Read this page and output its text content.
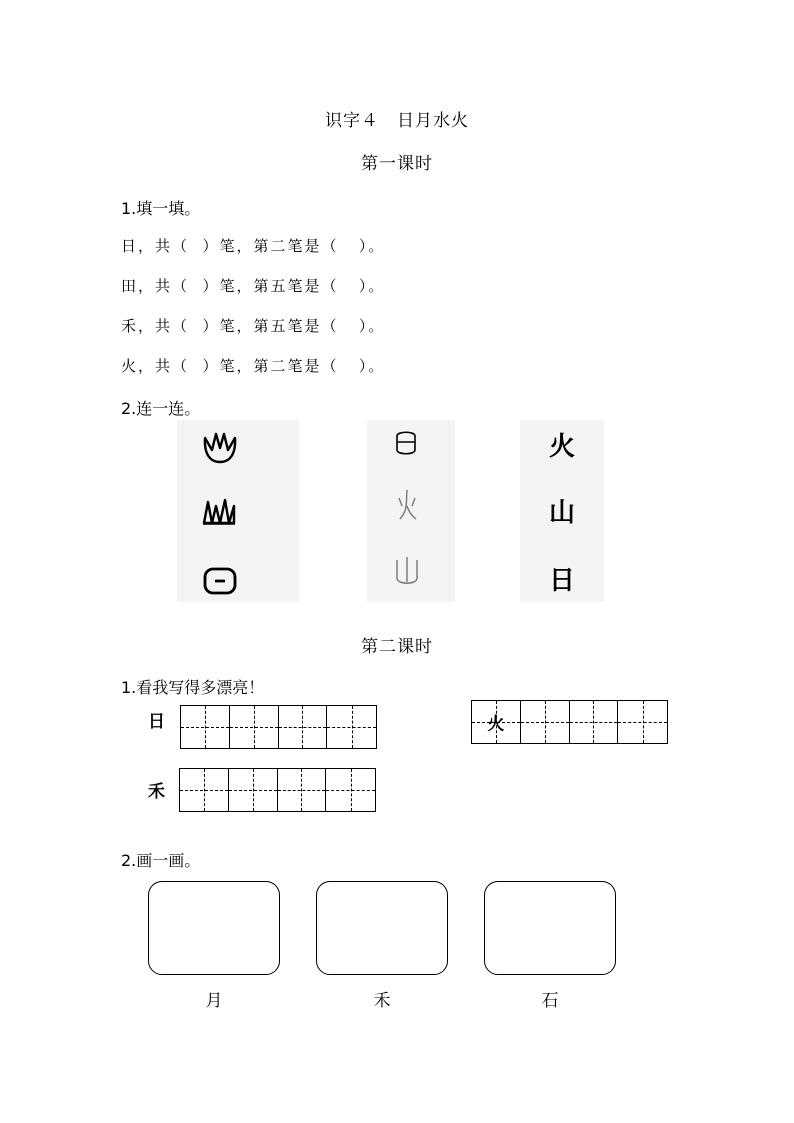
识字４　日月水火
第一课时
1.填一填。
日，共（  ）笔，第二笔是（   ）。
田，共（  ）笔，第五笔是（   ）。
禾，共（  ）笔，第五笔是（   ）。
火，共（  ）笔，第二笔是（   ）。
2.连一连。
火
山
日
第二课时
1.看我写得多漂亮！
日	火
禾
2.画一画。
月	禾	石
